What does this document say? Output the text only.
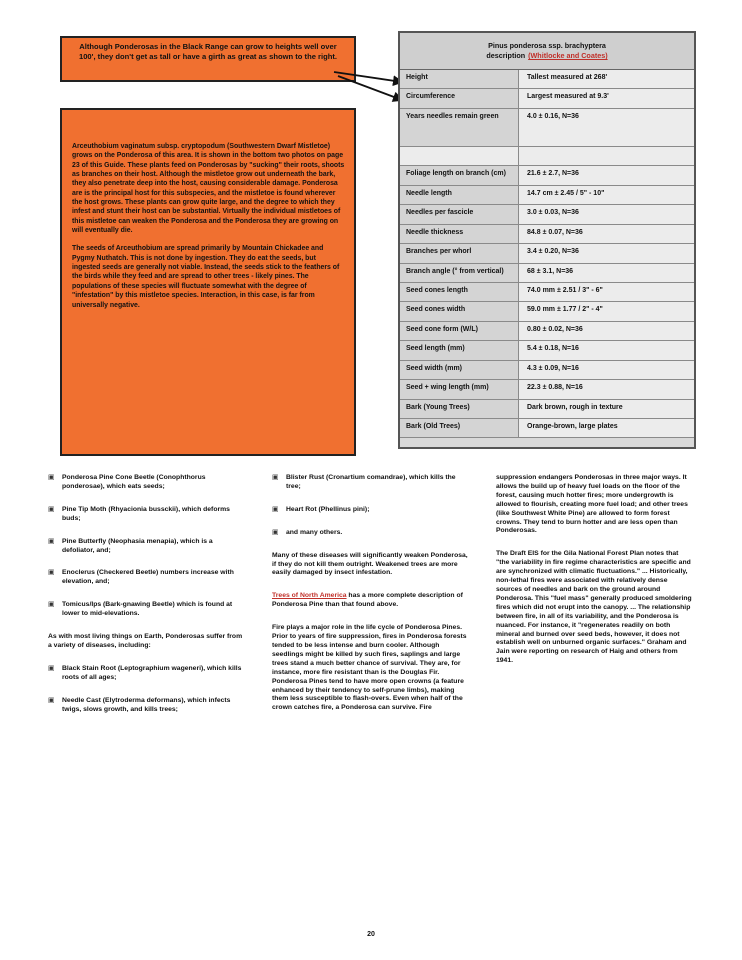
Although Ponderosas in the Black Range can grow to heights well over 100', they don't get as tall or have a girth as great as shown to the right.

Arceuthobium vaginatum subsp. cryptopodum (Southwestern Dwarf Mistletoe) grows on the Ponderosa of this area. It is shown in the bottom two photos on page 23 of this Guide. These plants feed on Ponderosas by "sucking" their roots, shoots as branches on their host. Although the mistletoe grow out underneath the bark, they also penetrate deep into the host, causing considerable damage. Ponderosa are is the principal host for this subspecies, and the mistletoe is found wherever the host grows. These plants can grow quite large, and the degree to which they infest and stunt their host can be substantial. Virtually the individual mistletoes of this mistletoe can weaken the Ponderosa and the Ponderosa they are growing on will eventually die.

The seeds of Arceuthobium are spread primarily by Mountain Chickadee and Pygmy Nuthatch. This is not done by ingestion. They do eat the seeds, but ingested seeds are generally not viable. Instead, the seeds stick to the feathers of the birds while they feed and are spread to other trees - likely pines. The populations of these species will fluctuate somewhat with the degree of "infestation" by this mistletoe species. Interaction, in this case, is far from universally negative.

Pinus ponderosa ssp. brachyptera
description (Whitlocke and Coates)
Height	Tallest measured at 268'
Circumference	Largest measured at 9.3'
Years needles remain green	4.0 ± 0.16, N=36
Foliage length on branch (cm)	21.6 ± 2.7, N=36
Needle length	14.7 cm ± 2.45 / 5" - 10"
Needles per fascicle	3.0 ± 0.03, N=36
Needle thickness	84.8 ± 0.07, N=36
Branches per whorl	3.4 ± 0.20, N=36
Branch angle (° from vertical)	68 ± 3.1, N=36
Seed cones length	74.0 mm ± 2.51 / 3" - 6"
Seed cones width	59.0 mm ± 1.77 / 2" - 4"
Seed cone form (W/L)	0.80 ± 0.02, N=36
Seed length (mm)	5.4 ± 0.18, N=16
Seed width (mm)	4.3 ± 0.09, N=16
Seed + wing length (mm)	22.3 ± 0.88, N=16
Bark (Young Trees)	Dark brown, rough in texture
Bark (Old Trees)	Orange-brown, large plates
▣	Ponderosa Pine Cone Beetle (Conophthorus ponderosae), which eats seeds;
▣	Pine Tip Moth (Rhyacionia bussckii), which deforms buds;
▣	Pine Butterfly (Neophasia menapia), which is a defoliator, and;
▣	Enoclerus (Checkered Beetle) numbers increase with elevation, and;
▣	Tomicus/Ips (Bark-gnawing Beetle) which is found at lower to mid-elevations.

As with most living things on Earth, Ponderosas suffer from a variety of diseases, including:

▣	Black Stain Root (Leptographium wageneri), which kills roots of all ages;
▣	Needle Cast (Elytroderma deformans), which infects twigs, slows growth, and kills trees;
▣	Blister Rust (Cronartium comandrae), which kills the tree;
▣	Heart Rot (Phellinus pini);
▣	and many others.

Many of these diseases will significantly weaken Ponderosa, if they do not kill them outright. Weakened trees are more easily damaged by insect infestation.

Trees of North America has a more complete description of Ponderosa Pine than that found above.

Fire plays a major role in the life cycle of Ponderosa Pines. Prior to years of fire suppression, fires in Ponderosa forests tended to be less intense and burn cooler. Although seedlings might be killed by such fires, saplings and large trees stand a much better chance of survival. They are, for instance, more fire resistant than is the Douglas Fir. Ponderosa Pines tend to have more open crowns (a feature enhanced by their tendency to self-prune limbs), making them less susceptible to flash-overs. Even when half of the crown catches fire, a Ponderosa can survive. Fire

suppression endangers Ponderosas in three major ways. It allows the build up of heavy fuel loads on the floor of the forest, causing much hotter fires; more undergrowth is allowed to flourish, creating more fuel load; and other trees (like Southwest White Pine) are allowed to form forest crowns. They tend to burn hotter and are less open than Ponderosas.

The Draft EIS for the Gila National Forest Plan notes that "the variability in fire regime characteristics are specific and are synchronized with climatic fluctuations." ... Historically, non-lethal fires were associated with relatively dense sources of needles and bark on the ground around Ponderosa. This "fuel mass" generally produced smoldering fires which did not erupt into the canopy. ... The relationship between fire, in all of its variability, and the Ponderosa is nuanced. For instance, it "regenerates readily on both mineral and burned over seed beds, however, it does not establish well on unburned organic surfaces." Graham and Jain were reporting on research of Haig and others from 1941.

20
